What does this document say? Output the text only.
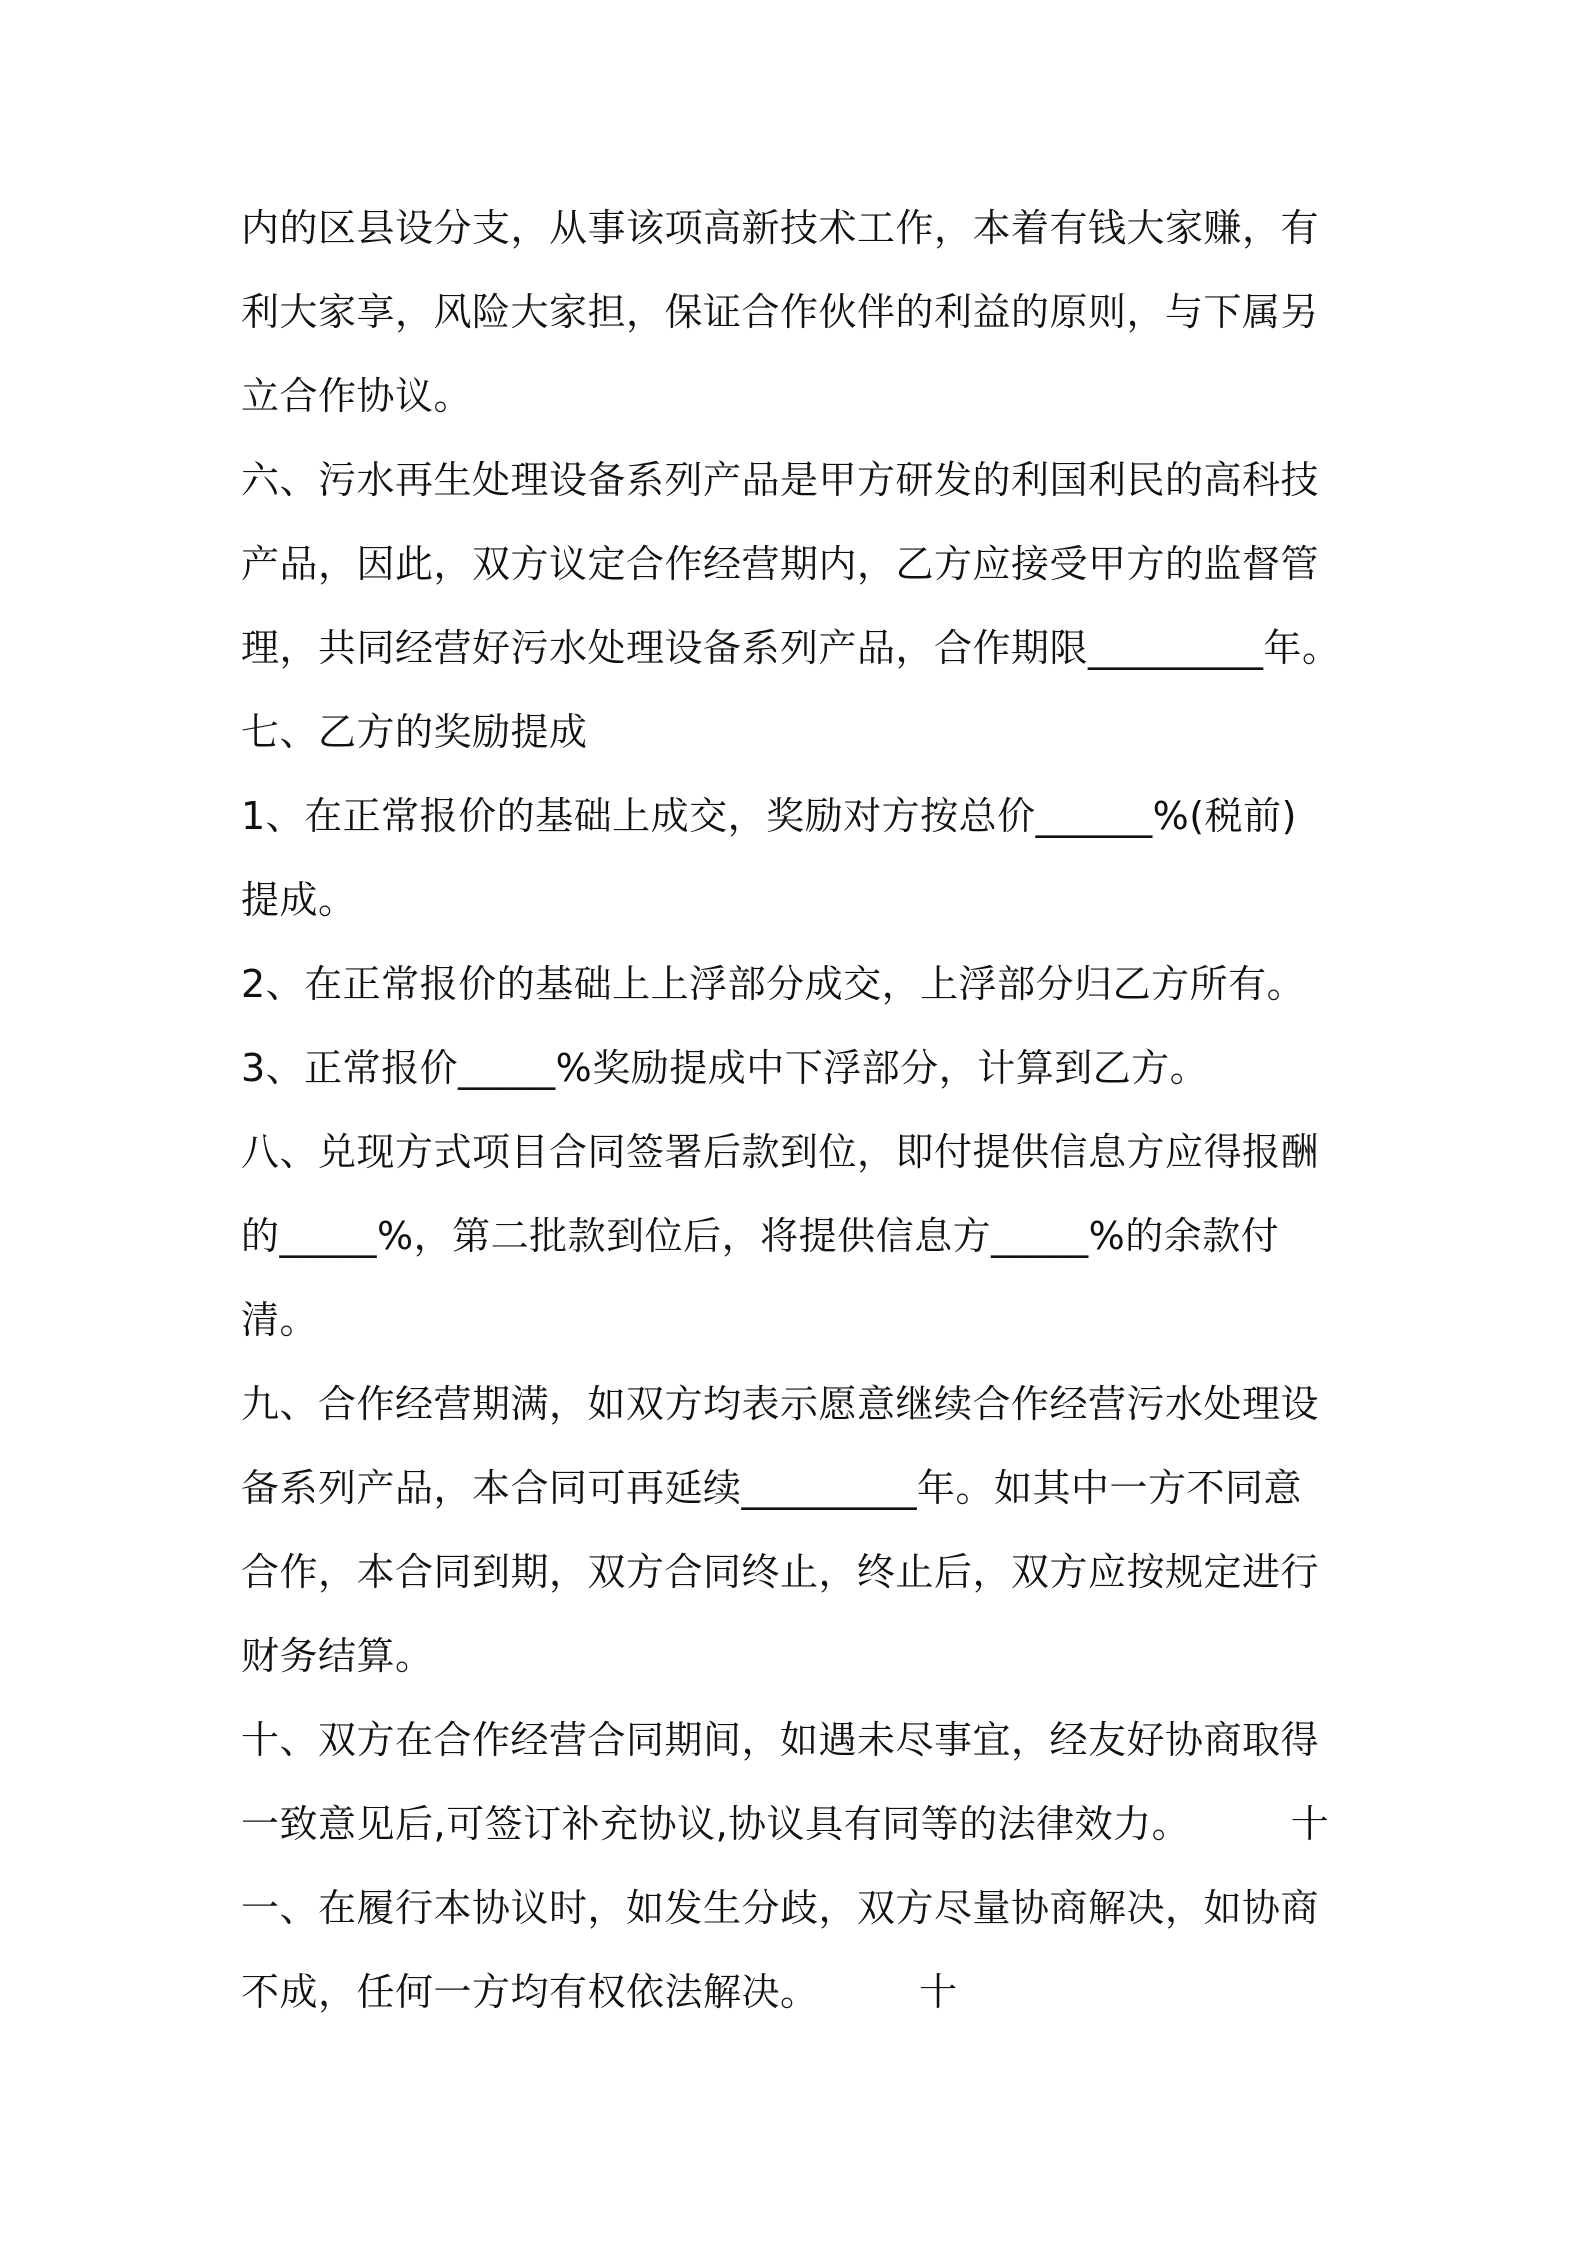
内的区县设分支，从事该项高新技术工作，本着有钱大家赚，有
利大家享，风险大家担，保证合作伙伴的利益的原则，与下属另
立合作协议。
六、污水再生处理设备系列产品是甲方研发的利国利民的高科技
产品，因此，双方议定合作经营期内，乙方应接受甲方的监督管
理，共同经营好污水处理设备系列产品，合作期限_________年。
七、乙方的奖励提成
1、在正常报价的基础上成交，奖励对方按总价______%(税前)
提成。
2、在正常报价的基础上上浮部分成交，上浮部分归乙方所有。
3、正常报价_____%奖励提成中下浮部分，计算到乙方。
八、兑现方式项目合同签署后款到位，即付提供信息方应得报酬
的_____%，第二批款到位后，将提供信息方_____%的余款付
清。
九、合作经营期满，如双方均表示愿意继续合作经营污水处理设
备系列产品，本合同可再延续_________年。如其中一方不同意
合作，本合同到期，双方合同终止，终止后，双方应按规定进行
财务结算。
十、双方在合作经营合同期间，如遇未尽事宜，经友好协商取得
一致意见后,可签订补充协议,协议具有同等的法律效力。        十
一、在履行本协议时，如发生分歧，双方尽量协商解决，如协商
不成，任何一方均有权依法解决。        十
